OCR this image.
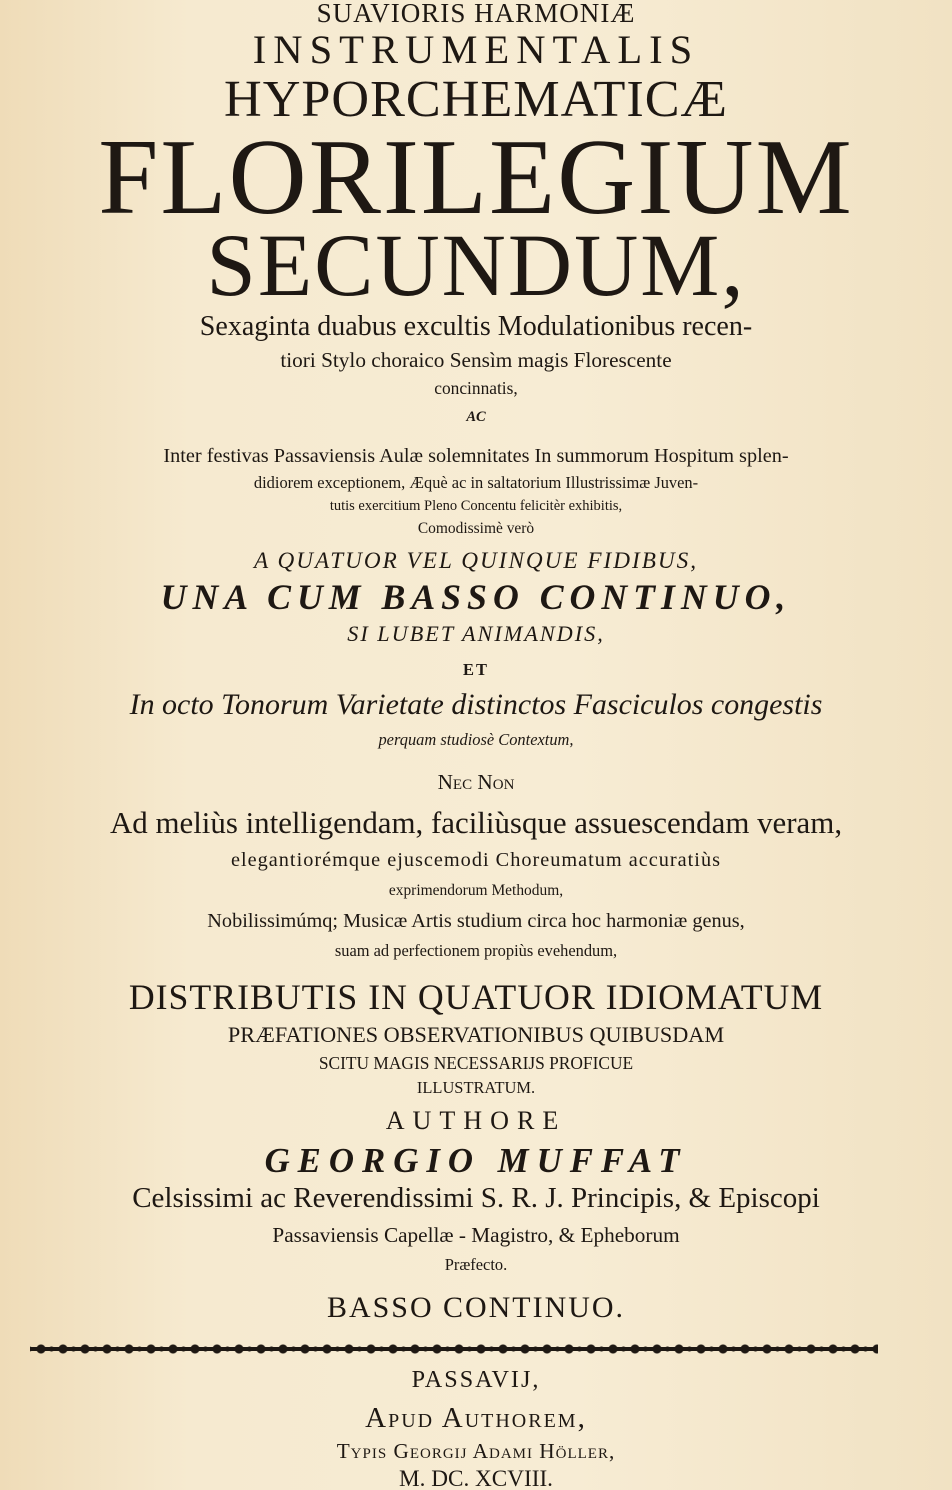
SUAVIORIS HARMONIÆ

INSTRUMENTALIS

HYPORCHEMATICÆ

FLORILEGIUM

SECUNDUM,

Sexaginta duabus excultis Modulationibus recen-

tiori Stylo choraico Sensìm magis Florescente

concinnatis,

AC

Inter festivas Passaviensis Aulæ solemnitates In summorum Hospitum splen-

didiorem exceptionem, Æquè ac in saltatorium Illustrissimæ Juven-

tutis exercitium Pleno Concentu felicitèr exhibitis,

Comodissimè verò

A QUATUOR VEL QUINQUE FIDIBUS,

UNA CUM BASSO CONTINUO,

SI LUBET ANIMANDIS,

ET

In octo Tonorum Varietate distinctos Fasciculos congestis

perquam studiosè Contextum,

Nec Non

Ad meliùs intelligendam, faciliùsque assuescendam veram,

elegantiorémque ejuscemodi Choreumatum accuratiùs

exprimendorum Methodum,

Nobilissimúmq; Musicæ Artis studium circa hoc harmoniæ genus,

suam ad perfectionem propiùs evehendum,

DISTRIBUTIS IN QUATUOR IDIOMATUM

PRÆFATIONES OBSERVATIONIBUS QUIBUSDAM

SCITU MAGIS NECESSARIJS PROFICUE

ILLUSTRATUM.

AUTHORE

GEORGIO MUFFAT

Celsissimi ac Reverendissimi S. R. J. Principis, & Episcopi

Passaviensis Capellæ - Magistro, & Epheborum

Præfecto.

BASSO CONTINUO.

PASSAVIJ,

Apud Authorem,

Typis Georgij Adami Höller,

M. DC. XCVIII.
